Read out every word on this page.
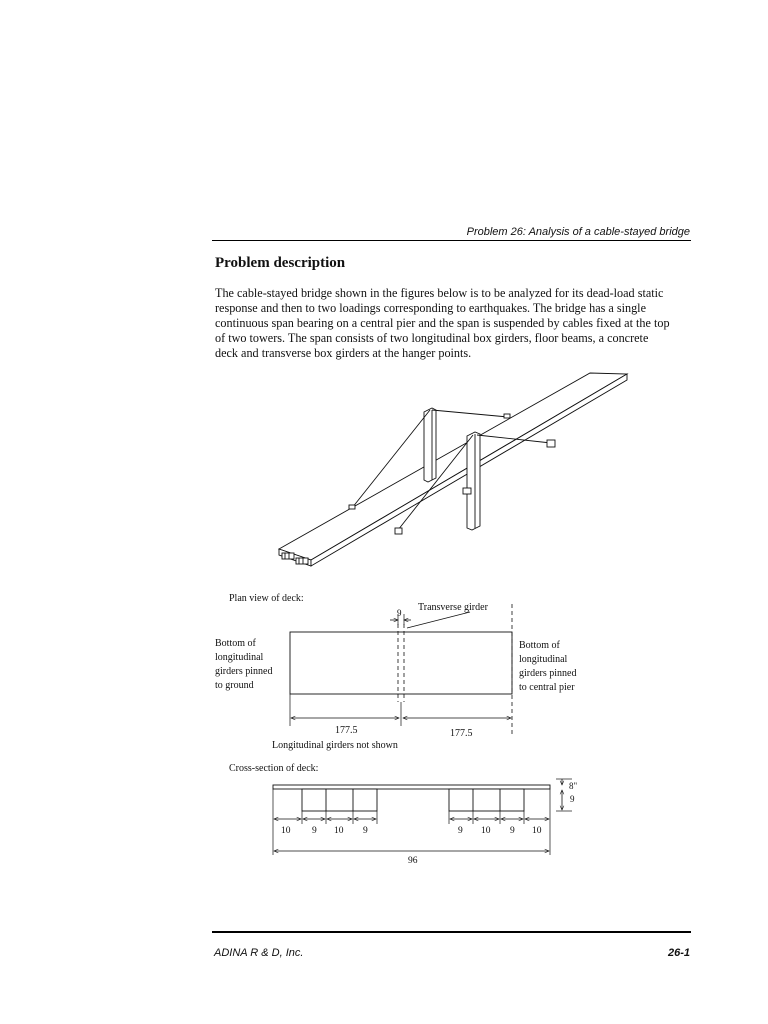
Problem 26: Analysis of a cable-stayed bridge
Problem description
The cable-stayed bridge shown in the figures below is to be analyzed for its dead-load static
response and then to two loadings corresponding to earthquakes. The bridge has a single
continuous span bearing on a central pier and the span is suspended by cables fixed at the top
of two towers. The span consists of two longitudinal box girders, floor beams, a concrete
deck and transverse box girders at the hanger points.
Plan view of deck:
Transverse girder
9
Bottom of longitudinal girders pinned to ground
Bottom of longitudinal girders pinned to central pier
177.5	177.5
Longitudinal girders not shown
Cross-section of deck:
8"
9
10 9 10 9	9 10 9 10
96
ADINA R & D, Inc.	26-1
